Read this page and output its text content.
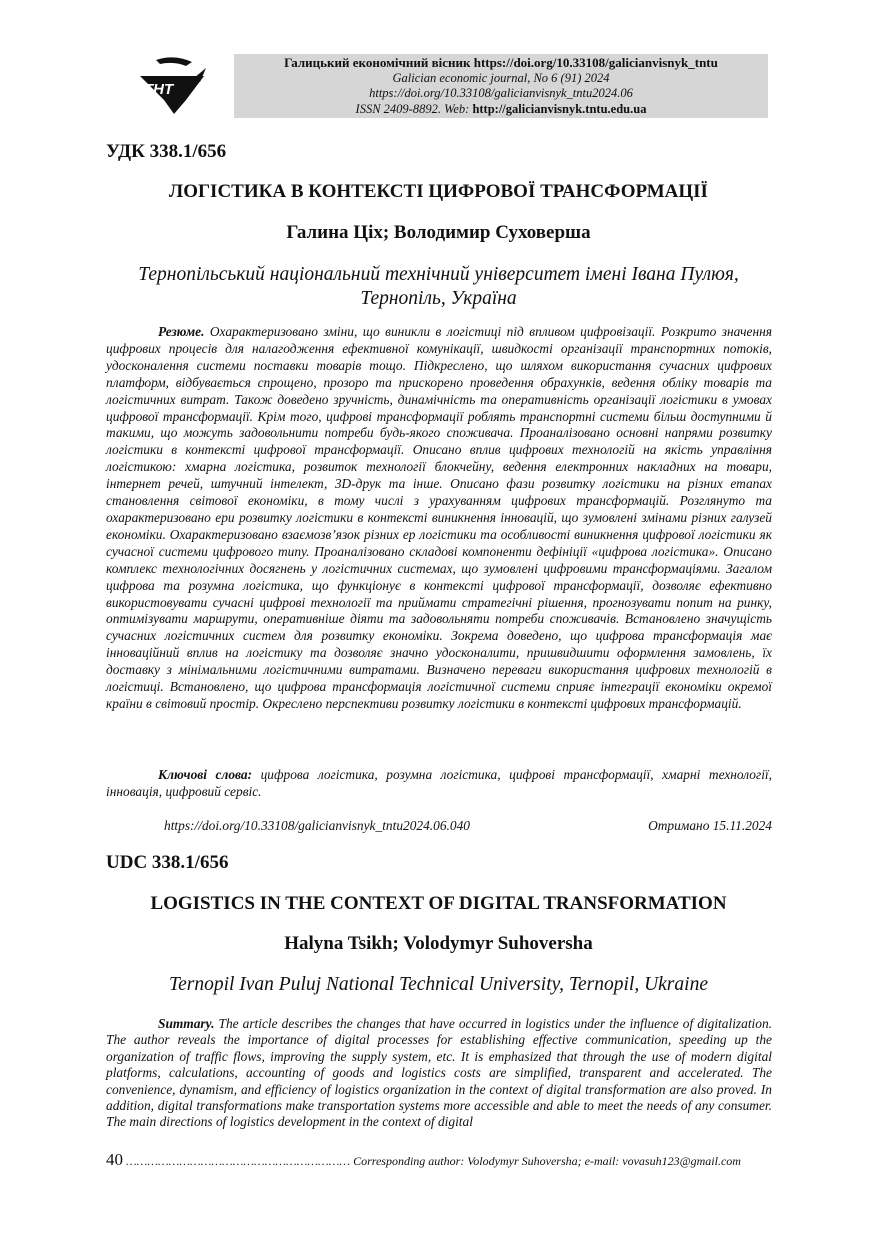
ТНТ
Галицький економічний вісник https://doi.org/10.33108/galicianvisnyk_tntu
Galician economic journal, No 6 (91) 2024
https://doi.org/10.33108/galicianvisnyk_tntu2024.06
ISSN 2409-8892. Web: http://galicianvisnyk.tntu.edu.ua
УДК 338.1/656
ЛОГІСТИКА В КОНТЕКСТІ ЦИФРОВОЇ ТРАНСФОРМАЦІЇ
Галина Ціх; Володимир Суховерша
Тернопільський національний технічний університет імені Івана Пулюя,
Тернопіль, Україна

Резюме. Охарактеризовано зміни, що виникли в логістиці під впливом цифровізації. Розкрито значення цифрових процесів для налагодження ефективної комунікації, швидкості організації транспортних потоків, удосконалення системи поставки товарів тощо. Підкреслено, що шляхом використання сучасних цифрових платформ, відбувається спрощено, прозоро та прискорено проведення обрахунків, ведення обліку товарів та логістичних витрат. Також доведено зручність, динамічність та оперативність організації логістики в умовах цифрової трансформації. Крім того, цифрові трансформації роблять транспортні системи більш доступними й такими, що можуть задовольнити потреби будь-якого споживача. Проаналізовано основні напрями розвитку логістики в контексті цифрової трансформації. Описано вплив цифрових технологій на якість управління логістикою: хмарна логістика, розвиток технології блокчейну, ведення електронних накладних на товари, інтернет речей, штучний інтелект, 3D-друк та інше. Описано фази розвитку логістики на різних етапах становлення світової економіки, в тому числі з урахуванням цифрових трансформацій. Розглянуто та охарактеризовано ери розвитку логістики в контексті виникнення інновацій, що зумовлені змінами різних галузей економіки. Охарактеризовано взаємозв’язок різних ер логістики та особливості виникнення цифрової логістики як сучасної системи цифрового типу. Проаналізовано складові компоненти дефініції «цифрова логістика». Описано комплекс технологічних досягнень у логістичних системах, що зумовлені цифровими трансформаціями. Загалом цифрова та розумна логістика, що функціонує в контексті цифрової трансформації, дозволяє ефективно використовувати сучасні цифрові технології та приймати стратегічні рішення, прогнозувати попит на ринку, оптимізувати маршрути, оперативніше діяти та задовольняти потреби споживачів. Встановлено значущість сучасних логістичних систем для розвитку економіки. Зокрема доведено, що цифрова трансформація має інноваційний вплив на логістику та дозволяє значно удосконалити, пришвидшити оформлення замовлень, їх доставку з мінімальними логістичними витратами. Визначено переваги використання цифрових технологій в логістиці. Встановлено, що цифрова трансформація логістичної системи сприяє інтеграції економіки окремої країни в світовий простір. Окреслено перспективи розвитку логістики в контексті цифрових трансформацій.

Ключові слова: цифрова логістика, розумна логістика, цифрові трансформації, хмарні технології, інновація, цифровий сервіс.

https://doi.org/10.33108/galicianvisnyk_tntu2024.06.040	Отримано 15.11.2024
UDC 338.1/656
LOGISTICS IN THE CONTEXT OF DIGITAL TRANSFORMATION
Halyna Tsikh; Volodymyr Suhoversha
Ternopil Ivan Puluj National Technical University, Ternopil, Ukraine

Summary. The article describes the changes that have occurred in logistics under the influence of digitalization. The author reveals the importance of digital processes for establishing effective communication, speeding up the organization of traffic flows, improving the supply system, etc. It is emphasized that through the use of modern digital platforms, calculations, accounting of goods and logistics costs are simplified, transparent and accelerated. The convenience, dynamism, and efficiency of logistics organization in the context of digital transformation are also proved. In addition, digital transformations make transportation systems more accessible and able to meet the needs of any consumer. The main directions of logistics development in the context of digital

40 ……………………………………………………… Corresponding author: Volodymyr Suhoversha; e-mail: vovasuh123@gmail.com
